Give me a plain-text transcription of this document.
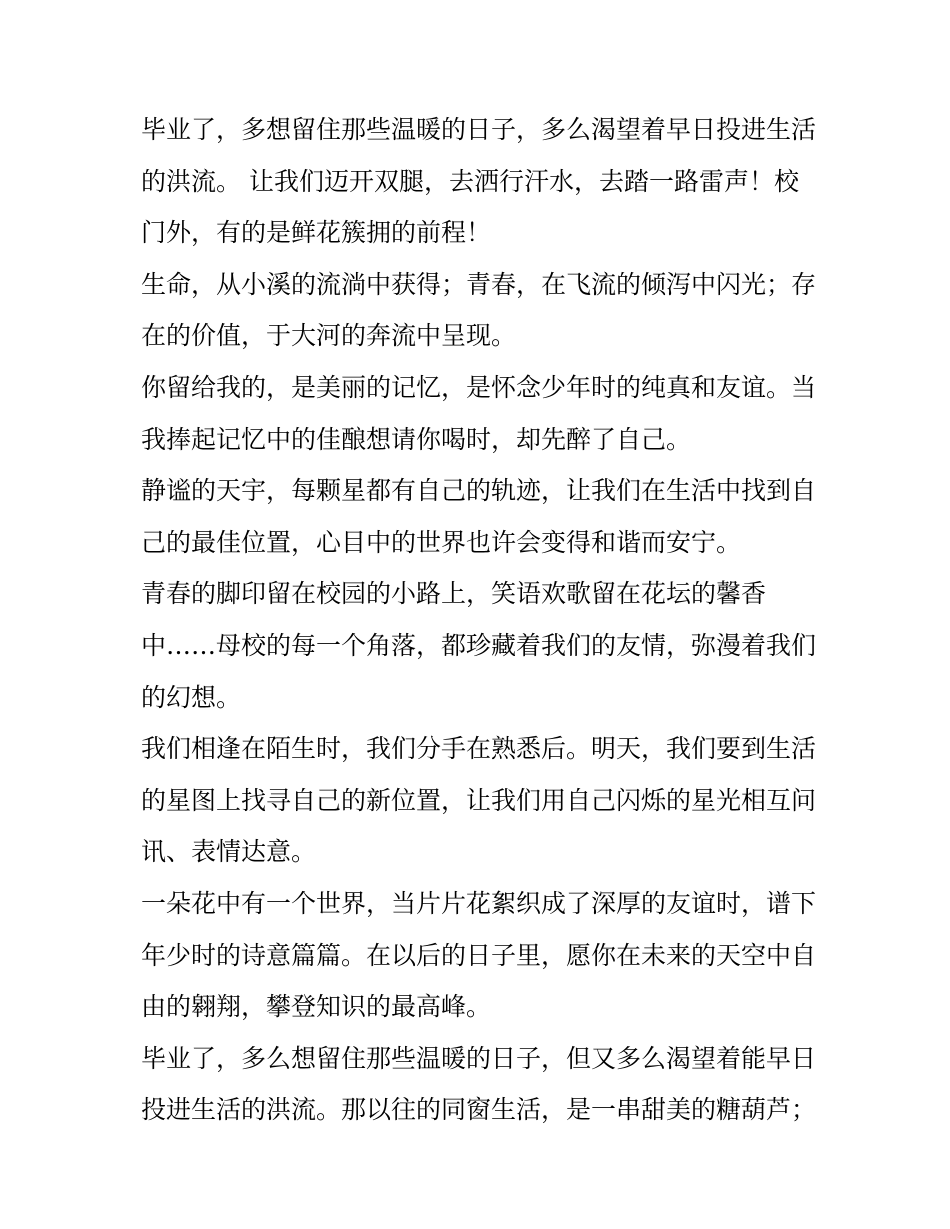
毕业了，多想留住那些温暖的日子，多么渴望着早日投进生活
的洪流。 让我们迈开双腿，去洒行汗水，去踏一路雷声！校
门外，有的是鲜花簇拥的前程！

生命，从小溪的流淌中获得；青春，在飞流的倾泻中闪光；存
在的价值，于大河的奔流中呈现。

你留给我的，是美丽的记忆，是怀念少年时的纯真和友谊。当
我捧起记忆中的佳酿想请你喝时，却先醉了自己。

静谧的天宇，每颗星都有自己的轨迹，让我们在生活中找到自
己的最佳位置，心目中的世界也许会变得和谐而安宁。

青春的脚印留在校园的小路上，笑语欢歌留在花坛的馨香
中……母校的每一个角落，都珍藏着我们的友情，弥漫着我们
的幻想。

我们相逢在陌生时，我们分手在熟悉后。明天，我们要到生活
的星图上找寻自己的新位置，让我们用自己闪烁的星光相互问
讯、表情达意。

一朵花中有一个世界，当片片花絮织成了深厚的友谊时，谱下
年少时的诗意篇篇。在以后的日子里，愿你在未来的天空中自
由的翱翔，攀登知识的最高峰。

毕业了，多么想留住那些温暖的日子，但又多么渴望着能早日
投进生活的洪流。那以往的同窗生活，是一串甜美的糖葫芦；
